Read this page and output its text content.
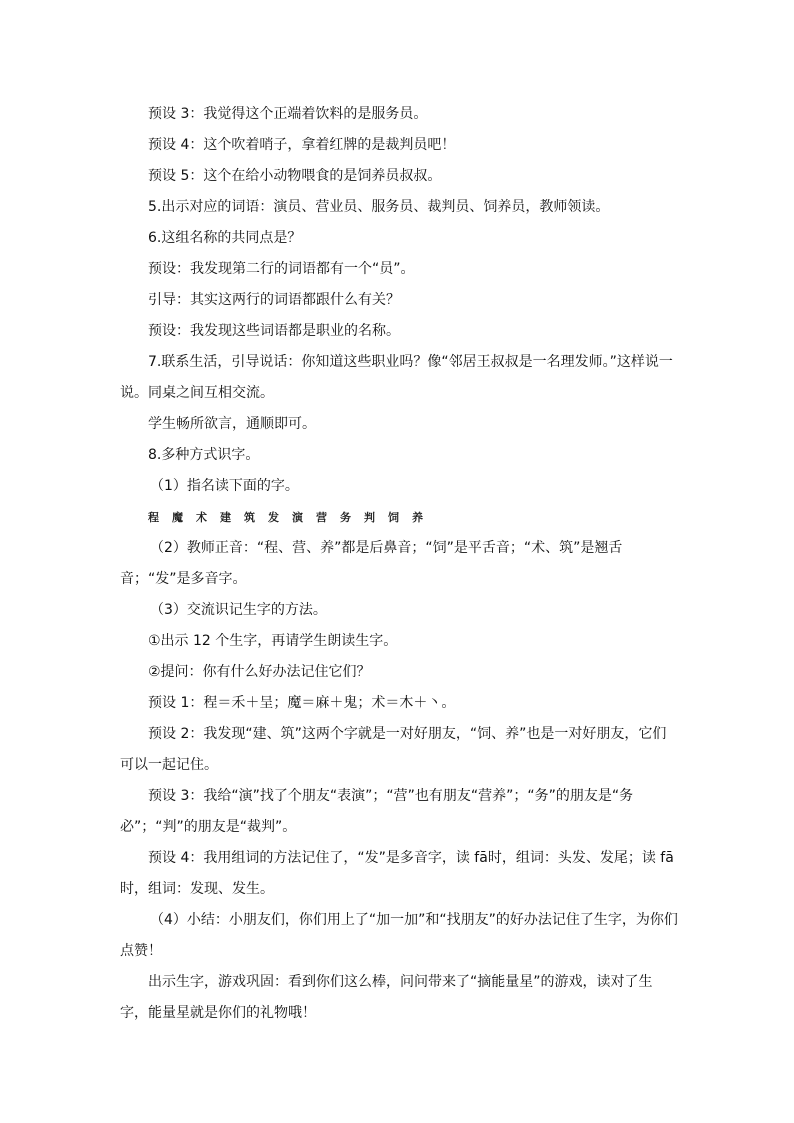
预设 3：我觉得这个正端着饮料的是服务员。

预设 4：这个吹着哨子，拿着红牌的是裁判员吧！

预设 5：这个在给小动物喂食的是饲养员叔叔。

5.出示对应的词语：演员、营业员、服务员、裁判员、饲养员，教师领读。

6.这组名称的共同点是？

预设：我发现第二行的词语都有一个“员”。

引导：其实这两行的词语都跟什么有关？

预设：我发现这些词语都是职业的名称。

7.联系生活，引导说话：你知道这些职业吗？像“邻居王叔叔是一名理发师。”这样说一说。同桌之间互相交流。

学生畅所欲言，通顺即可。

8.多种方式识字。

（1）指名读下面的字。

程 魔 术 建 筑 发 演 营 务 判 饲 养

（2）教师正音：“程、营、养”都是后鼻音；“饲”是平舌音；“术、筑”是翘舌音；“发”是多音字。

（3）交流识记生字的方法。

①出示 12 个生字，再请学生朗读生字。

②提问：你有什么好办法记住它们？

预设 1：程＝禾＋呈；魔＝麻＋鬼；术＝木＋丶。

预设 2：我发现“建、筑”这两个字就是一对好朋友，“饲、养”也是一对好朋友，它们可以一起记住。

预设 3：我给“演”找了个朋友“表演”；“营”也有朋友“营养”；“务”的朋友是“务必”；“判”的朋友是“裁判”。

预设 4：我用组词的方法记住了，“发”是多音字，读 fā时，组词：头发、发尾；读 fā时，组词：发现、发生。

（4）小结：小朋友们，你们用上了“加一加”和“找朋友”的好办法记住了生字，为你们点赞！

出示生字，游戏巩固：看到你们这么棒，问问带来了“摘能量星”的游戏，读对了生字，能量星就是你们的礼物哦！
